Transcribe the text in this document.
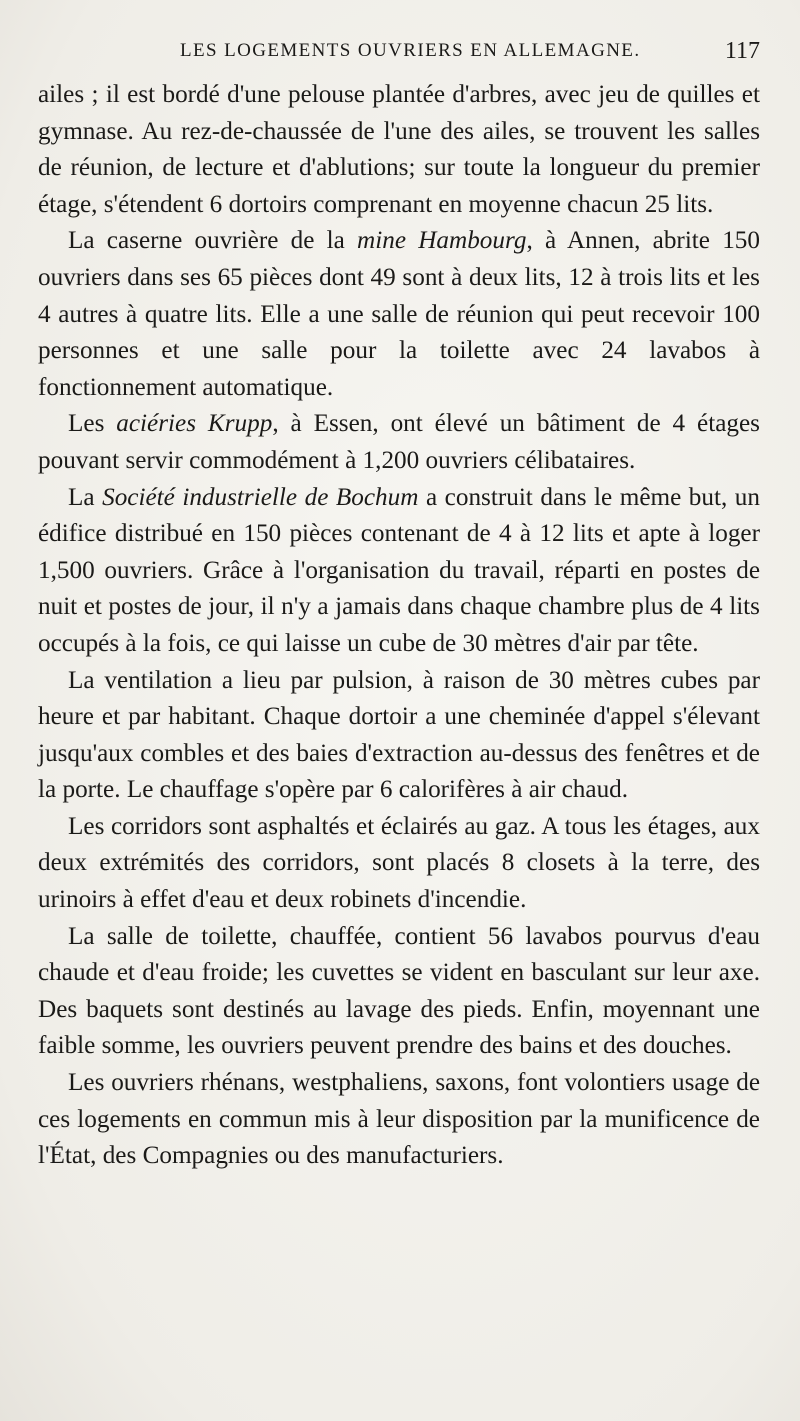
LES LOGEMENTS OUVRIERS EN ALLEMAGNE.	117

ailes ; il est bordé d'une pelouse plantée d'arbres, avec jeu de quilles et gymnase. Au rez-de-chaussée de l'une des ailes, se trouvent les salles de réunion, de lecture et d'ablutions; sur toute la longueur du premier étage, s'étendent 6 dortoirs comprenant en moyenne chacun 25 lits.

La caserne ouvrière de la mine Hambourg, à Annen, abrite 150 ouvriers dans ses 65 pièces dont 49 sont à deux lits, 12 à trois lits et les 4 autres à quatre lits. Elle a une salle de réunion qui peut recevoir 100 personnes et une salle pour la toilette avec 24 lavabos à fonctionnement automatique.

Les aciéries Krupp, à Essen, ont élevé un bâtiment de 4 étages pouvant servir commodément à 1,200 ouvriers célibataires.

La Société industrielle de Bochum a construit dans le même but, un édifice distribué en 150 pièces contenant de 4 à 12 lits et apte à loger 1,500 ouvriers. Grâce à l'organisation du travail, réparti en postes de nuit et postes de jour, il n'y a jamais dans chaque chambre plus de 4 lits occupés à la fois, ce qui laisse un cube de 30 mètres d'air par tête.

La ventilation a lieu par pulsion, à raison de 30 mètres cubes par heure et par habitant. Chaque dortoir a une cheminée d'appel s'élevant jusqu'aux combles et des baies d'extraction au-dessus des fenêtres et de la porte. Le chauffage s'opère par 6 calorifères à air chaud.

Les corridors sont asphaltés et éclairés au gaz. A tous les étages, aux deux extrémités des corridors, sont placés 8 closets à la terre, des urinoirs à effet d'eau et deux robinets d'incendie.

La salle de toilette, chauffée, contient 56 lavabos pourvus d'eau chaude et d'eau froide; les cuvettes se vident en basculant sur leur axe. Des baquets sont destinés au lavage des pieds. Enfin, moyennant une faible somme, les ouvriers peuvent prendre des bains et des douches.

Les ouvriers rhénans, westphaliens, saxons, font volontiers usage de ces logements en commun mis à leur disposition par la munificence de l'État, des Compagnies ou des manufacturiers.
